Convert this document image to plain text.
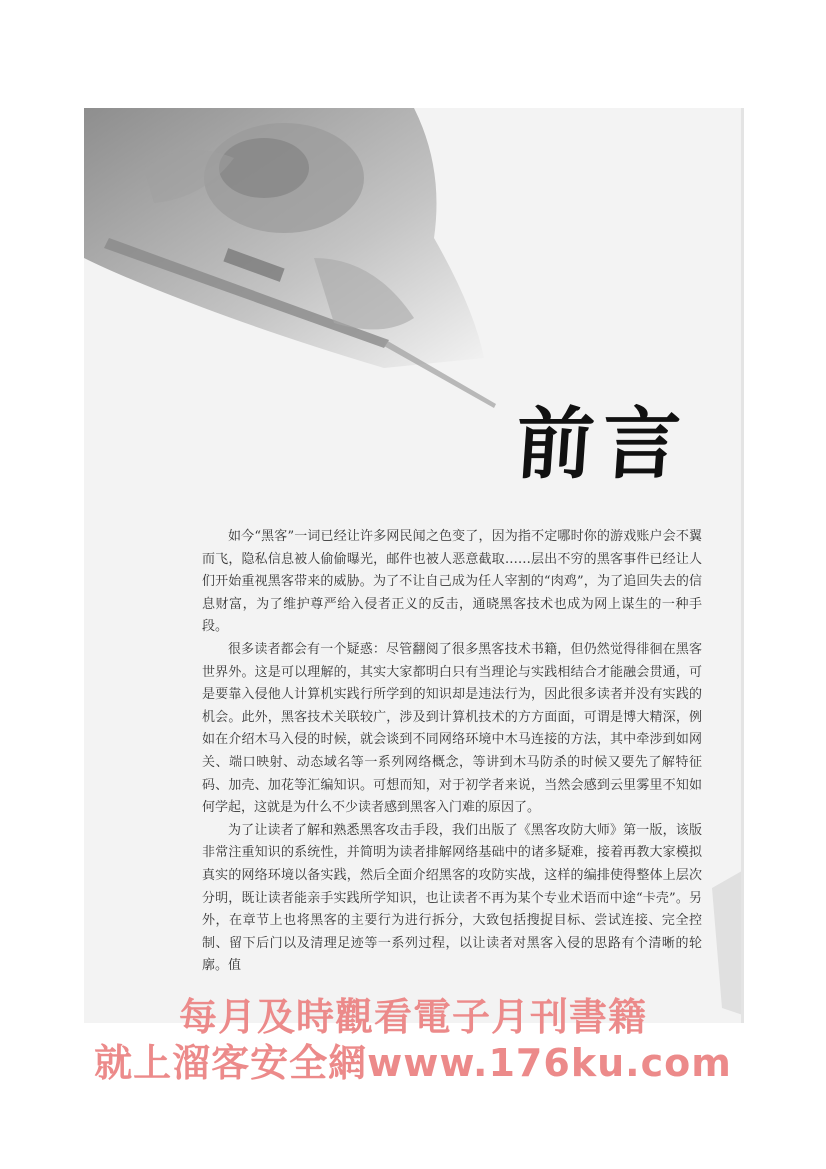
前言

如今“黑客”一词已经让许多网民闻之色变了，因为指不定哪时你的游戏账户会不翼而飞，隐私信息被人偷偷曝光，邮件也被人恶意截取……层出不穷的黑客事件已经让人们开始重视黑客带来的威胁。为了不让自己成为任人宰割的“肉鸡”，为了追回失去的信息财富，为了维护尊严给入侵者正义的反击，通晓黑客技术也成为网上谋生的一种手段。

很多读者都会有一个疑惑：尽管翻阅了很多黑客技术书籍，但仍然觉得徘徊在黑客世界外。这是可以理解的，其实大家都明白只有当理论与实践相结合才能融会贯通，可是要靠入侵他人计算机实践行所学到的知识却是违法行为，因此很多读者并没有实践的机会。此外，黑客技术关联较广，涉及到计算机技术的方方面面，可谓是博大精深，例如在介绍木马入侵的时候，就会谈到不同网络环境中木马连接的方法，其中牵涉到如网关、端口映射、动态域名等一系列网络概念，等讲到木马防杀的时候又要先了解特征码、加壳、加花等汇编知识。可想而知，对于初学者来说，当然会感到云里雾里不知如何学起，这就是为什么不少读者感到黑客入门难的原因了。

为了让读者了解和熟悉黑客攻击手段，我们出版了《黑客攻防大师》第一版，该版非常注重知识的系统性，并简明为读者排解网络基础中的诸多疑难，接着再教大家模拟真实的网络环境以备实践，然后全面介绍黑客的攻防实战，这样的编排使得整体上层次分明，既让读者能亲手实践所学知识，也让读者不再为某个专业术语而中途“卡壳”。另外，在章节上也将黑客的主要行为进行拆分，大致包括搜捉目标、尝试连接、完全控制、留下后门以及清理足迹等一系列过程，以让读者对黑客入侵的思路有个清晰的轮廓。值

每月及時觀看電子月刊書籍
就上溜客安全網www.176ku.com
